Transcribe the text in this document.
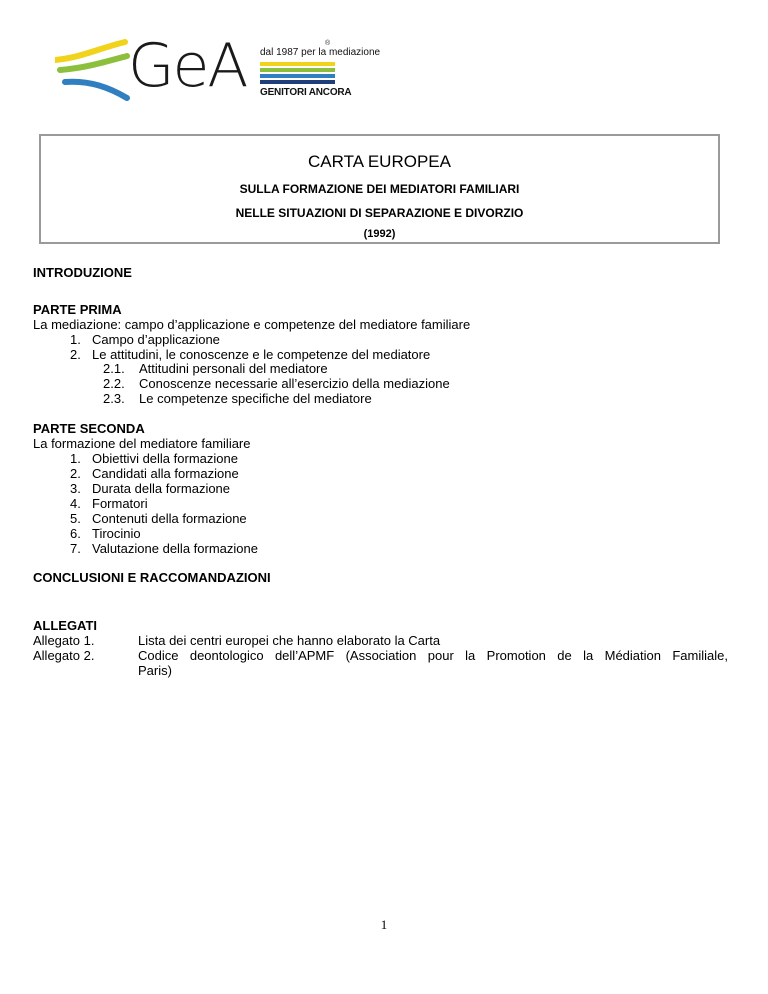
GeA dal 1987 per la mediazione
®
GENITORI ANCORA
CARTA EUROPEA
SULLA FORMAZIONE DEI MEDIATORI FAMILIARI
NELLE SITUAZIONI DI SEPARAZIONE E DIVORZIO
(1992)
INTRODUZIONE
PARTE PRIMA
La mediazione: campo d’applicazione e competenze del mediatore familiare
1. Campo d’applicazione
2. Le attitudini, le conoscenze e le competenze del mediatore
2.1. Attitudini personali del mediatore
2.2. Conoscenze necessarie all’esercizio della mediazione
2.3. Le competenze specifiche del mediatore
PARTE SECONDA
La formazione del mediatore familiare
1. Obiettivi della formazione
2. Candidati alla formazione
3. Durata della formazione
4. Formatori
5. Contenuti della formazione
6. Tirocinio
7. Valutazione della formazione
CONCLUSIONI E RACCOMANDAZIONI
ALLEGATI
Allegato 1.	Lista dei centri europei che hanno elaborato la Carta
Allegato 2.	Codice deontologico dell’APMF (Association pour la Promotion de la Médiation Familiale,
Paris)
1
